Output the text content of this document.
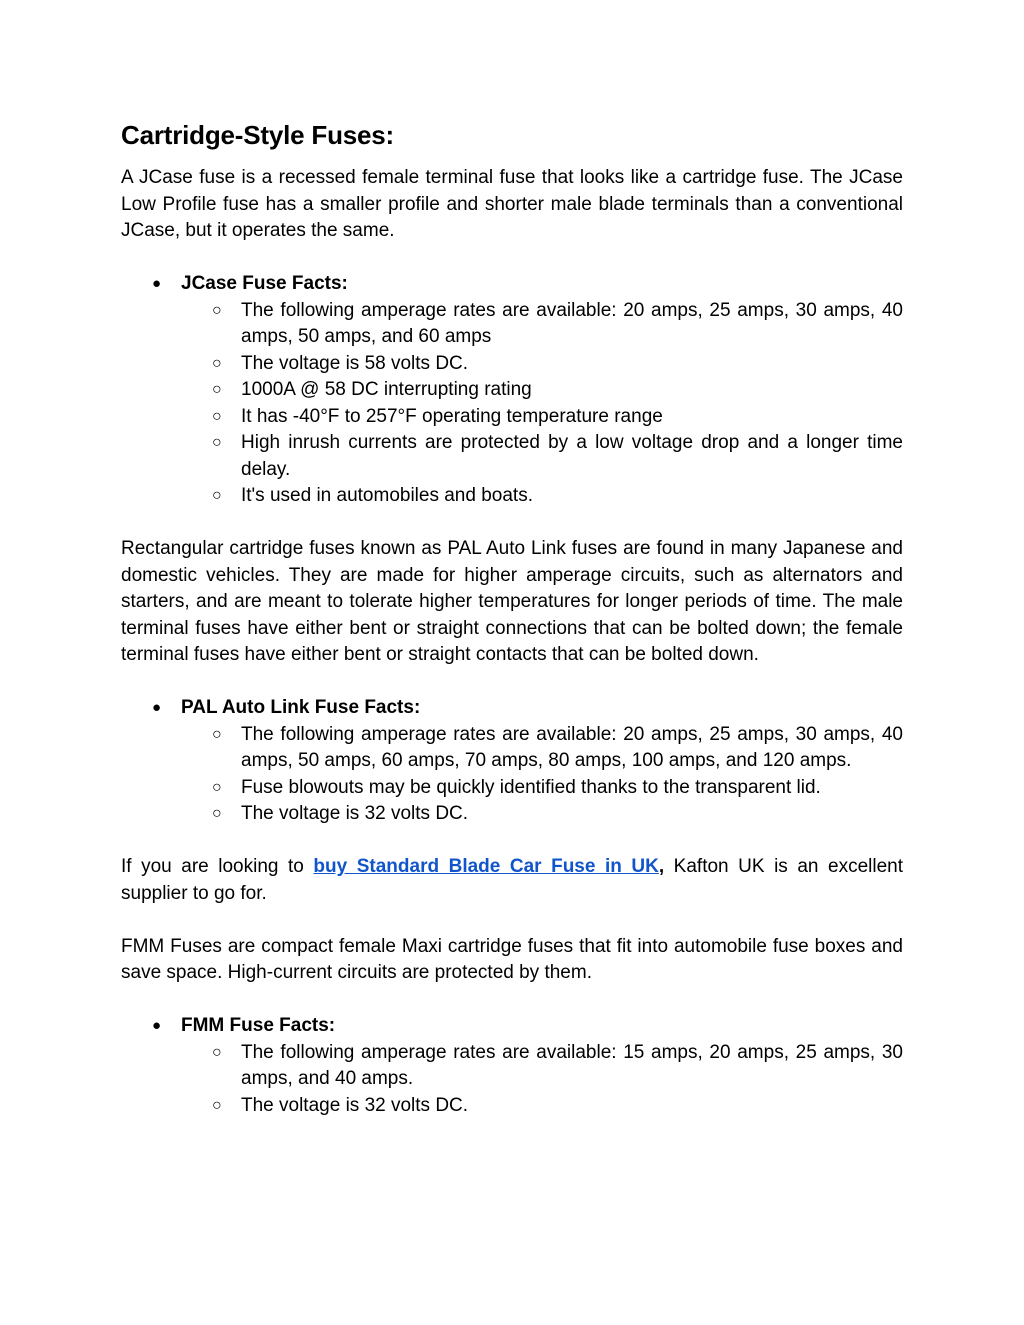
Cartridge-Style Fuses:

A JCase fuse is a recessed female terminal fuse that looks like a cartridge fuse. The JCase Low Profile fuse has a smaller profile and shorter male blade terminals than a conventional JCase, but it operates the same.

● JCase Fuse Facts:
○ The following amperage rates are available: 20 amps, 25 amps, 30 amps, 40 amps, 50 amps, and 60 amps
○ The voltage is 58 volts DC.
○ 1000A @ 58 DC interrupting rating
○ It has -40°F to 257°F operating temperature range
○ High inrush currents are protected by a low voltage drop and a longer time delay.
○ It's used in automobiles and boats.

Rectangular cartridge fuses known as PAL Auto Link fuses are found in many Japanese and domestic vehicles. They are made for higher amperage circuits, such as alternators and starters, and are meant to tolerate higher temperatures for longer periods of time. The male terminal fuses have either bent or straight connections that can be bolted down; the female terminal fuses have either bent or straight contacts that can be bolted down.

● PAL Auto Link Fuse Facts:
○ The following amperage rates are available: 20 amps, 25 amps, 30 amps, 40 amps, 50 amps, 60 amps, 70 amps, 80 amps, 100 amps, and 120 amps.
○ Fuse blowouts may be quickly identified thanks to the transparent lid.
○ The voltage is 32 volts DC.

If you are looking to buy Standard Blade Car Fuse in UK, Kafton UK is an excellent supplier to go for.

FMM Fuses are compact female Maxi cartridge fuses that fit into automobile fuse boxes and save space. High-current circuits are protected by them.

● FMM Fuse Facts:
○ The following amperage rates are available: 15 amps, 20 amps, 25 amps, 30 amps, and 40 amps.
○ The voltage is 32 volts DC.
